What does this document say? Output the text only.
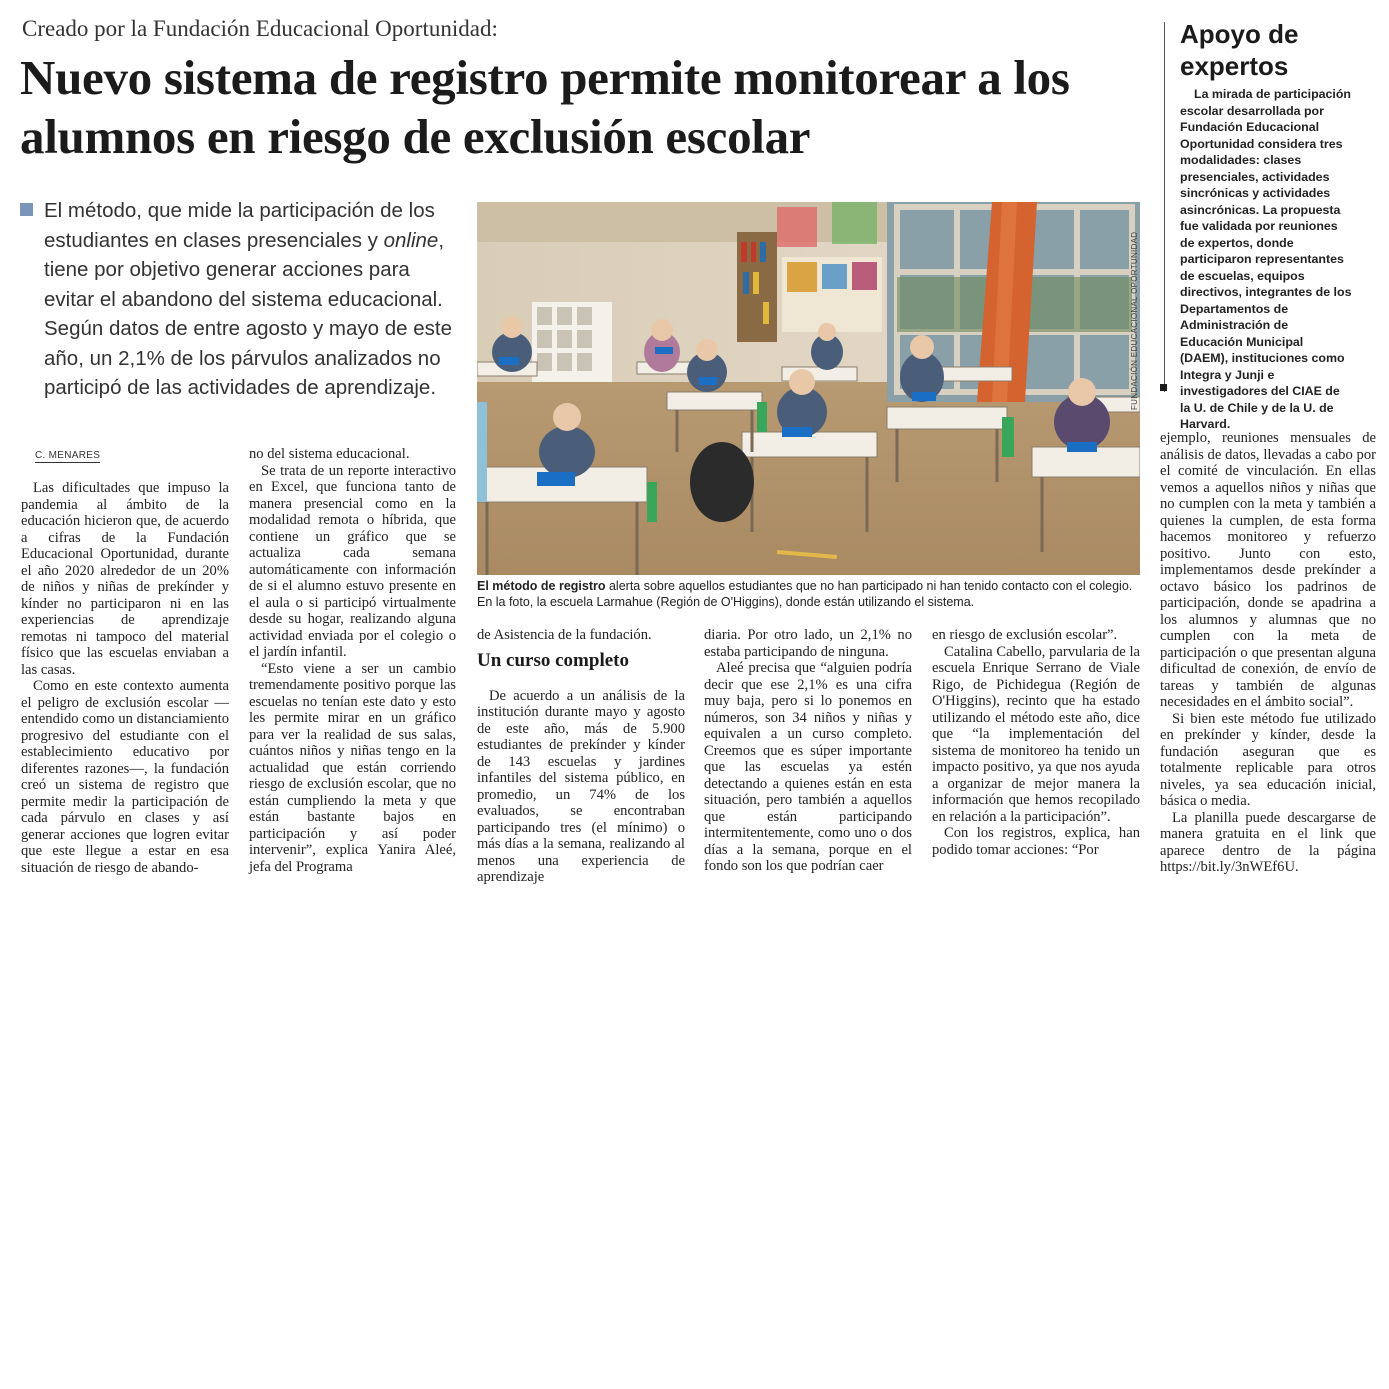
Creado por la Fundación Educacional Oportunidad:
Nuevo sistema de registro permite monitorear a los alumnos en riesgo de exclusión escolar
El método, que mide la participación de los estudiantes en clases presenciales y online, tiene por objetivo generar acciones para evitar el abandono del sistema educacional. Según datos de entre agosto y mayo de este año, un 2,1% de los párvulos analizados no participó de las actividades de aprendizaje.
C. MENARES

Las dificultades que impuso la pandemia al ámbito de la educación hicieron que, de acuerdo a cifras de la Fundación Educacional Oportunidad, durante el año 2020 alrededor de un 20% de niños y niñas de prekínder y kínder no participaron ni en las experiencias de aprendizaje remotas ni tampoco del material físico que las escuelas enviaban a las casas.

Como en este contexto aumenta el peligro de exclusión escolar —entendido como un distanciamiento progresivo del estudiante con el establecimiento educativo por diferentes razones—, la fundación creó un sistema de registro que permite medir la participación de cada párvulo en clases y así generar acciones que logren evitar que este llegue a estar en esa situación de riesgo de abando-

no del sistema educacional.

Se trata de un reporte interactivo en Excel, que funciona tanto de manera presencial como en la modalidad remota o híbrida, que contiene un gráfico que se actualiza cada semana automáticamente con información de si el alumno estuvo presente en el aula o si participó virtualmente desde su hogar, realizando alguna actividad enviada por el colegio o el jardín infantil.

“Esto viene a ser un cambio tremendamente positivo porque las escuelas no tenían este dato y esto les permite mirar en un gráfico para ver la realidad de sus salas, cuántos niños y niñas tengo en la actualidad que están corriendo riesgo de exclusión escolar, que no están cumpliendo la meta y que están bastante bajos en participación y así poder intervenir”, explica Yanira Aleé, jefa del Programa

FUNDACIÓN EDUCACIONAL OPORTUNIDAD
El método de registro alerta sobre aquellos estudiantes que no han participado ni han tenido contacto con el colegio. En la foto, la escuela Larmahue (Región de O'Higgins), donde están utilizando el sistema.

de Asistencia de la fundación.

Un curso completo

De acuerdo a un análisis de la institución durante mayo y agosto de este año, más de 5.900 estudiantes de prekínder y kínder de 143 escuelas y jardines infantiles del sistema público, en promedio, un 74% de los evaluados, se encontraban participando tres (el mínimo) o más días a la semana, realizando al menos una experiencia de aprendizaje

diaria. Por otro lado, un 2,1% no estaba participando de ninguna.

Aleé precisa que “alguien podría decir que ese 2,1% es una cifra muy baja, pero si lo ponemos en números, son 34 niños y niñas y equivalen a un curso completo. Creemos que es súper importante que las escuelas ya estén detectando a quienes están en esta situación, pero también a aquellos que están participando intermitentemente, como uno o dos días a la semana, porque en el fondo son los que podrían caer

en riesgo de exclusión escolar”.

Catalina Cabello, parvularia de la escuela Enrique Serrano de Viale Rigo, de Pichidegua (Región de O'Higgins), recinto que ha estado utilizando el método este año, dice que “la implementación del sistema de monitoreo ha tenido un impacto positivo, ya que nos ayuda a organizar de mejor manera la información que hemos recopilado en relación a la participación”.

Con los registros, explica, han podido tomar acciones: “Por

ejemplo, reuniones mensuales de análisis de datos, llevadas a cabo por el comité de vinculación. En ellas vemos a aquellos niños y niñas que no cumplen con la meta y también a quienes la cumplen, de esta forma hacemos monitoreo y refuerzo positivo. Junto con esto, implementamos desde prekínder a octavo básico los padrinos de participación, donde se apadrina a los alumnos y alumnas que no cumplen con la meta de participación o que presentan alguna dificultad de conexión, de envío de tareas y también de algunas necesidades en el ámbito social”.

Si bien este método fue utilizado en prekínder y kínder, desde la fundación aseguran que es totalmente replicable para otros niveles, ya sea educación inicial, básica o media.

La planilla puede descargarse de manera gratuita en el link que aparece dentro de la página https://bit.ly/3nWEf6U.

Apoyo de expertos

La mirada de participación escolar desarrollada por Fundación Educacional Oportunidad considera tres modalidades: clases presenciales, actividades sincrónicas y actividades asincrónicas. La propuesta fue validada por reuniones de expertos, donde participaron representantes de escuelas, equipos directivos, integrantes de los Departamentos de Administración de Educación Municipal (DAEM), instituciones como Integra y Junji e investigadores del CIAE de la U. de Chile y de la U. de Harvard.
